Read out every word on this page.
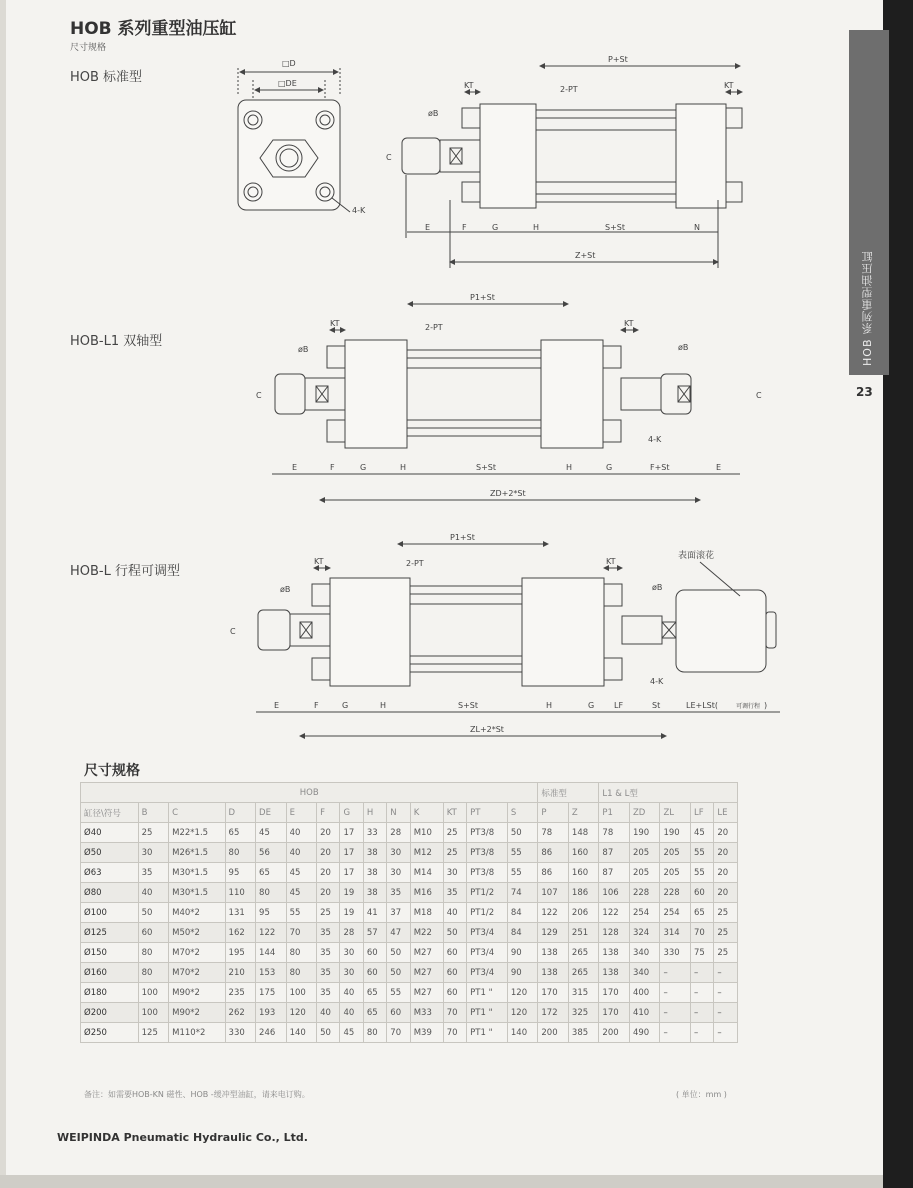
HOB 系列重型油压缸
23
HOB 系列重型油压缸
尺寸规格
HOB 标准型
HOB-L1 双轴型
HOB-L 行程可调型
□D
□DE
4-K
P+St
KT	KT
2-PT
øB
C
E	F	G	H	S+St	N
Z+St
P1+St
KT	KT
2-PT
øB	øB
C	C
4-K
E	F	G	H	S+St	H	G	F+St	E
ZD+2*St
P1+St
KT	KT
2-PT
表面滚花
øB	øB
C
4-K
E	F	G	H	S+St	H	G LF	St	LE+LSt(	可调行程 )
ZL+2*St
尺寸规格
HOB														标准型		L1 & L型				
缸径\符号	B	C	D	DE	E	F	G	H	N	K	KT	PT	S	P	Z	P1	ZD	ZL	LF	LE
Ø40	25	M22*1.5	65	45	40	20	17	33	28	M10	25	PT3/8	50	78	148	78	190	190	45	20
Ø50	30	M26*1.5	80	56	40	20	17	38	30	M12	25	PT3/8	55	86	160	87	205	205	55	20
Ø63	35	M30*1.5	95	65	45	20	17	38	30	M14	30	PT3/8	55	86	160	87	205	205	55	20
Ø80	40	M30*1.5	110	80	45	20	19	38	35	M16	35	PT1/2	74	107	186	106	228	228	60	20
Ø100	50	M40*2	131	95	55	25	19	41	37	M18	40	PT1/2	84	122	206	122	254	254	65	25
Ø125	60	M50*2	162	122	70	35	28	57	47	M22	50	PT3/4	84	129	251	128	324	314	70	25
Ø150	80	M70*2	195	144	80	35	30	60	50	M27	60	PT3/4	90	138	265	138	340	330	75	25
Ø160	80	M70*2	210	153	80	35	30	60	50	M27	60	PT3/4	90	138	265	138	340	–	–	–
Ø180	100	M90*2	235	175	100	35	40	65	55	M27	60	PT1 "	120	170	315	170	400	–	–	–
Ø200	100	M90*2	262	193	120	40	40	65	60	M33	70	PT1 "	120	172	325	170	410	–	–	–
Ø250	125	M110*2	330	246	140	50	45	80	70	M39	70	PT1 "	140	200	385	200	490	–	–	–
备注：如需要HOB-KN 磁性、HOB -缓冲型油缸，请来电订购。	( 单位：mm )
WEIPINDA Pneumatic Hydraulic Co., Ltd.
